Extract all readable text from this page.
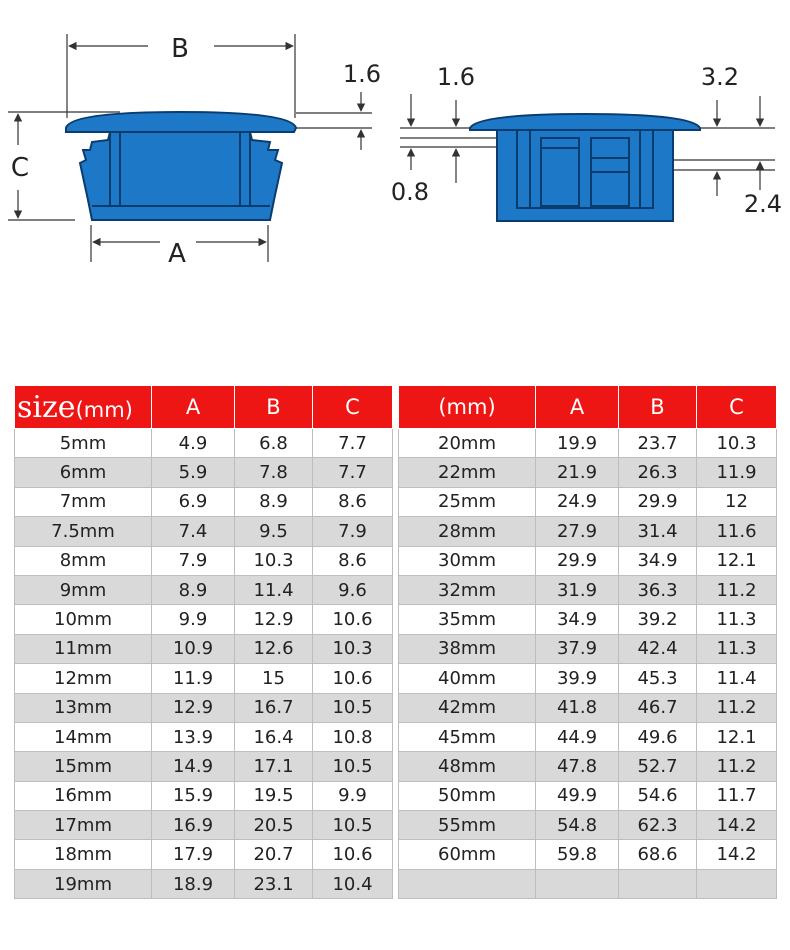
B
C
A
1.6 1.6	3.2
0.8	2.4
size(mm)	A	B	C
5mm	4.9	6.8	7.7
6mm	5.9	7.8	7.7
7mm	6.9	8.9	8.6
7.5mm	7.4	9.5	7.9
8mm	7.9	10.3	8.6
9mm	8.9	11.4	9.6
10mm	9.9	12.9	10.6
11mm	10.9	12.6	10.3
12mm	11.9	15	10.6
13mm	12.9	16.7	10.5
14mm	13.9	16.4	10.8
15mm	14.9	17.1	10.5
16mm	15.9	19.5	9.9
17mm	16.9	20.5	10.5
18mm	17.9	20.7	10.6
19mm	18.9	23.1	10.4
(mm)	A	B	C
20mm	19.9	23.7	10.3
22mm	21.9	26.3	11.9
25mm	24.9	29.9	12
28mm	27.9	31.4	11.6
30mm	29.9	34.9	12.1
32mm	31.9	36.3	11.2
35mm	34.9	39.2	11.3
38mm	37.9	42.4	11.3
40mm	39.9	45.3	11.4
42mm	41.8	46.7	11.2
45mm	44.9	49.6	12.1
48mm	47.8	52.7	11.2
50mm	49.9	54.6	11.7
55mm	54.8	62.3	14.2
60mm	59.8	68.6	14.2
